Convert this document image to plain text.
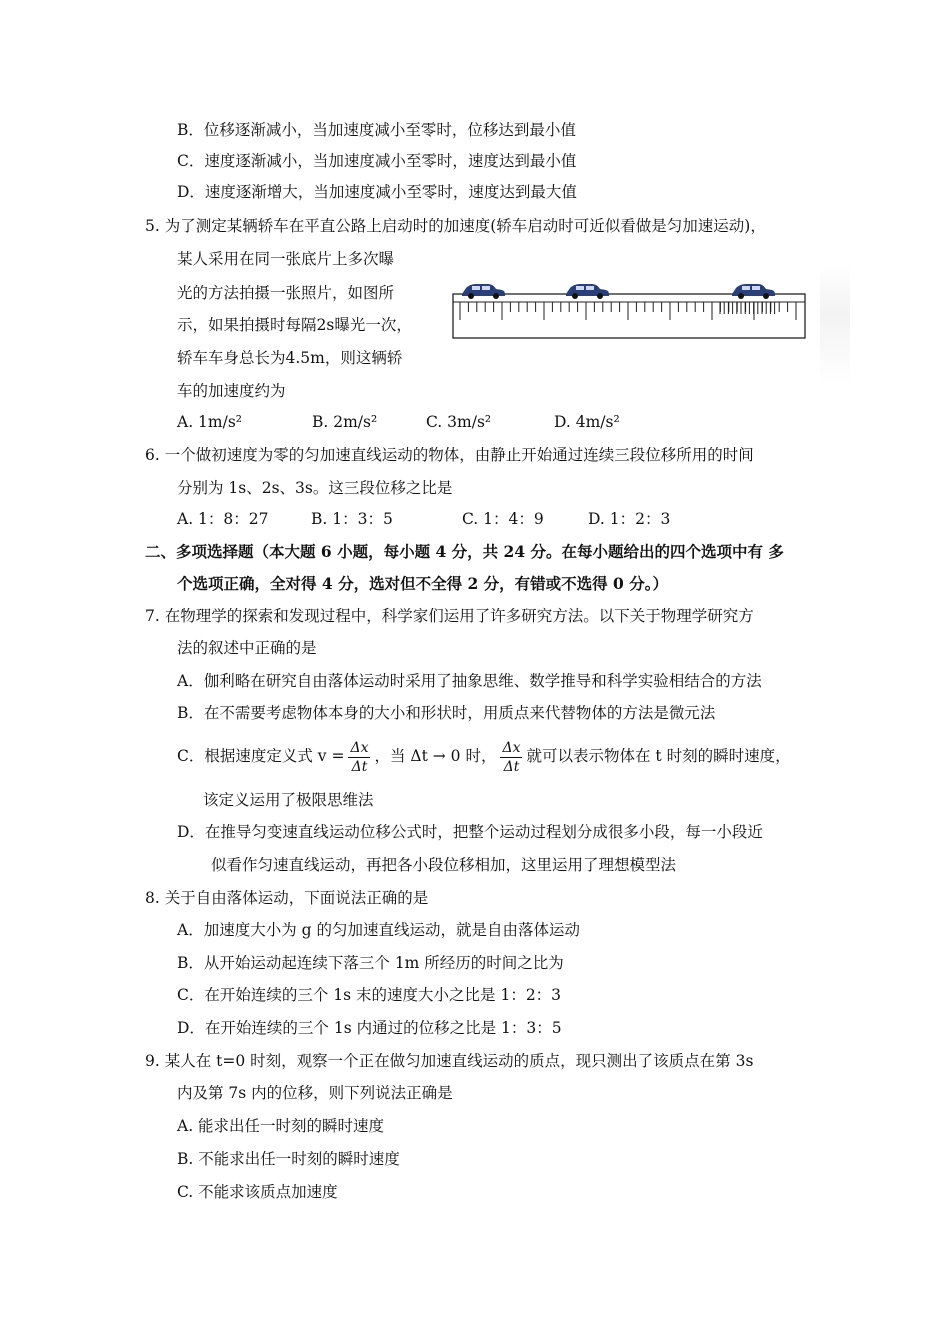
B．位移逐渐减小，当加速度减小至零时，位移达到最小值
C．速度逐渐减小，当加速度减小至零时，速度达到最小值
D．速度逐渐增大，当加速度减小至零时，速度达到最大值
5. 为了测定某辆轿车在平直公路上启动时的加速度(轿车启动时可近似看做是匀加速运动)，
某人采用在同一张底片上多次曝
光的方法拍摄一张照片，如图所
示，如果拍摄时每隔2s曝光一次，
轿车车身总长为4.5m，则这辆轿
车的加速度约为
A. 1m/s²	B. 2m/s²	C. 3m/s²	D. 4m/s²
6. 一个做初速度为零的匀加速直线运动的物体，由静止开始通过连续三段位移所用的时间
分别为 1s、2s、3s。这三段位移之比是
A. 1：8：27	B. 1：3：5	C. 1：4：9	D. 1：2：3
二、多项选择题（本大题 6 小题，每小题 4 分，共 24 分。在每小题给出的四个选项中有 多
个选项正确，全对得 4 分，选对但不全得 2 分，有错或不选得 0 分。）
7. 在物理学的探索和发现过程中，科学家们运用了许多研究方法。以下关于物理学研究方
法的叙述中正确的是
A．伽利略在研究自由落体运动时采用了抽象思维、数学推导和科学实验相结合的方法
B．在不需要考虑物体本身的大小和形状时，用质点来代替物体的方法是微元法
C．根据速度定义式 $v = \frac{\Delta x}{\Delta t}$ ，当 Δt → 0 时， $\frac{\Delta x}{\Delta t}$ 就可以表示物体在 t 时刻的瞬时速度，
该定义运用了极限思维法
D．在推导匀变速直线运动位移公式时，把整个运动过程划分成很多小段，每一小段近
似看作匀速直线运动，再把各小段位移相加，这里运用了理想模型法
8. 关于自由落体运动，下面说法正确的是
A．加速度大小为 g 的匀加速直线运动，就是自由落体运动
B．从开始运动起连续下落三个 1m 所经历的时间之比为
C．在开始连续的三个 1s 末的速度大小之比是 1：2：3
D．在开始连续的三个 1s 内通过的位移之比是 1：3：5
9. 某人在 t=0 时刻，观察一个正在做匀加速直线运动的质点，现只测出了该质点在第 3s
内及第 7s 内的位移，则下列说法正确是
A. 能求出任一时刻的瞬时速度
B. 不能求出任一时刻的瞬时速度
C. 不能求该质点加速度
